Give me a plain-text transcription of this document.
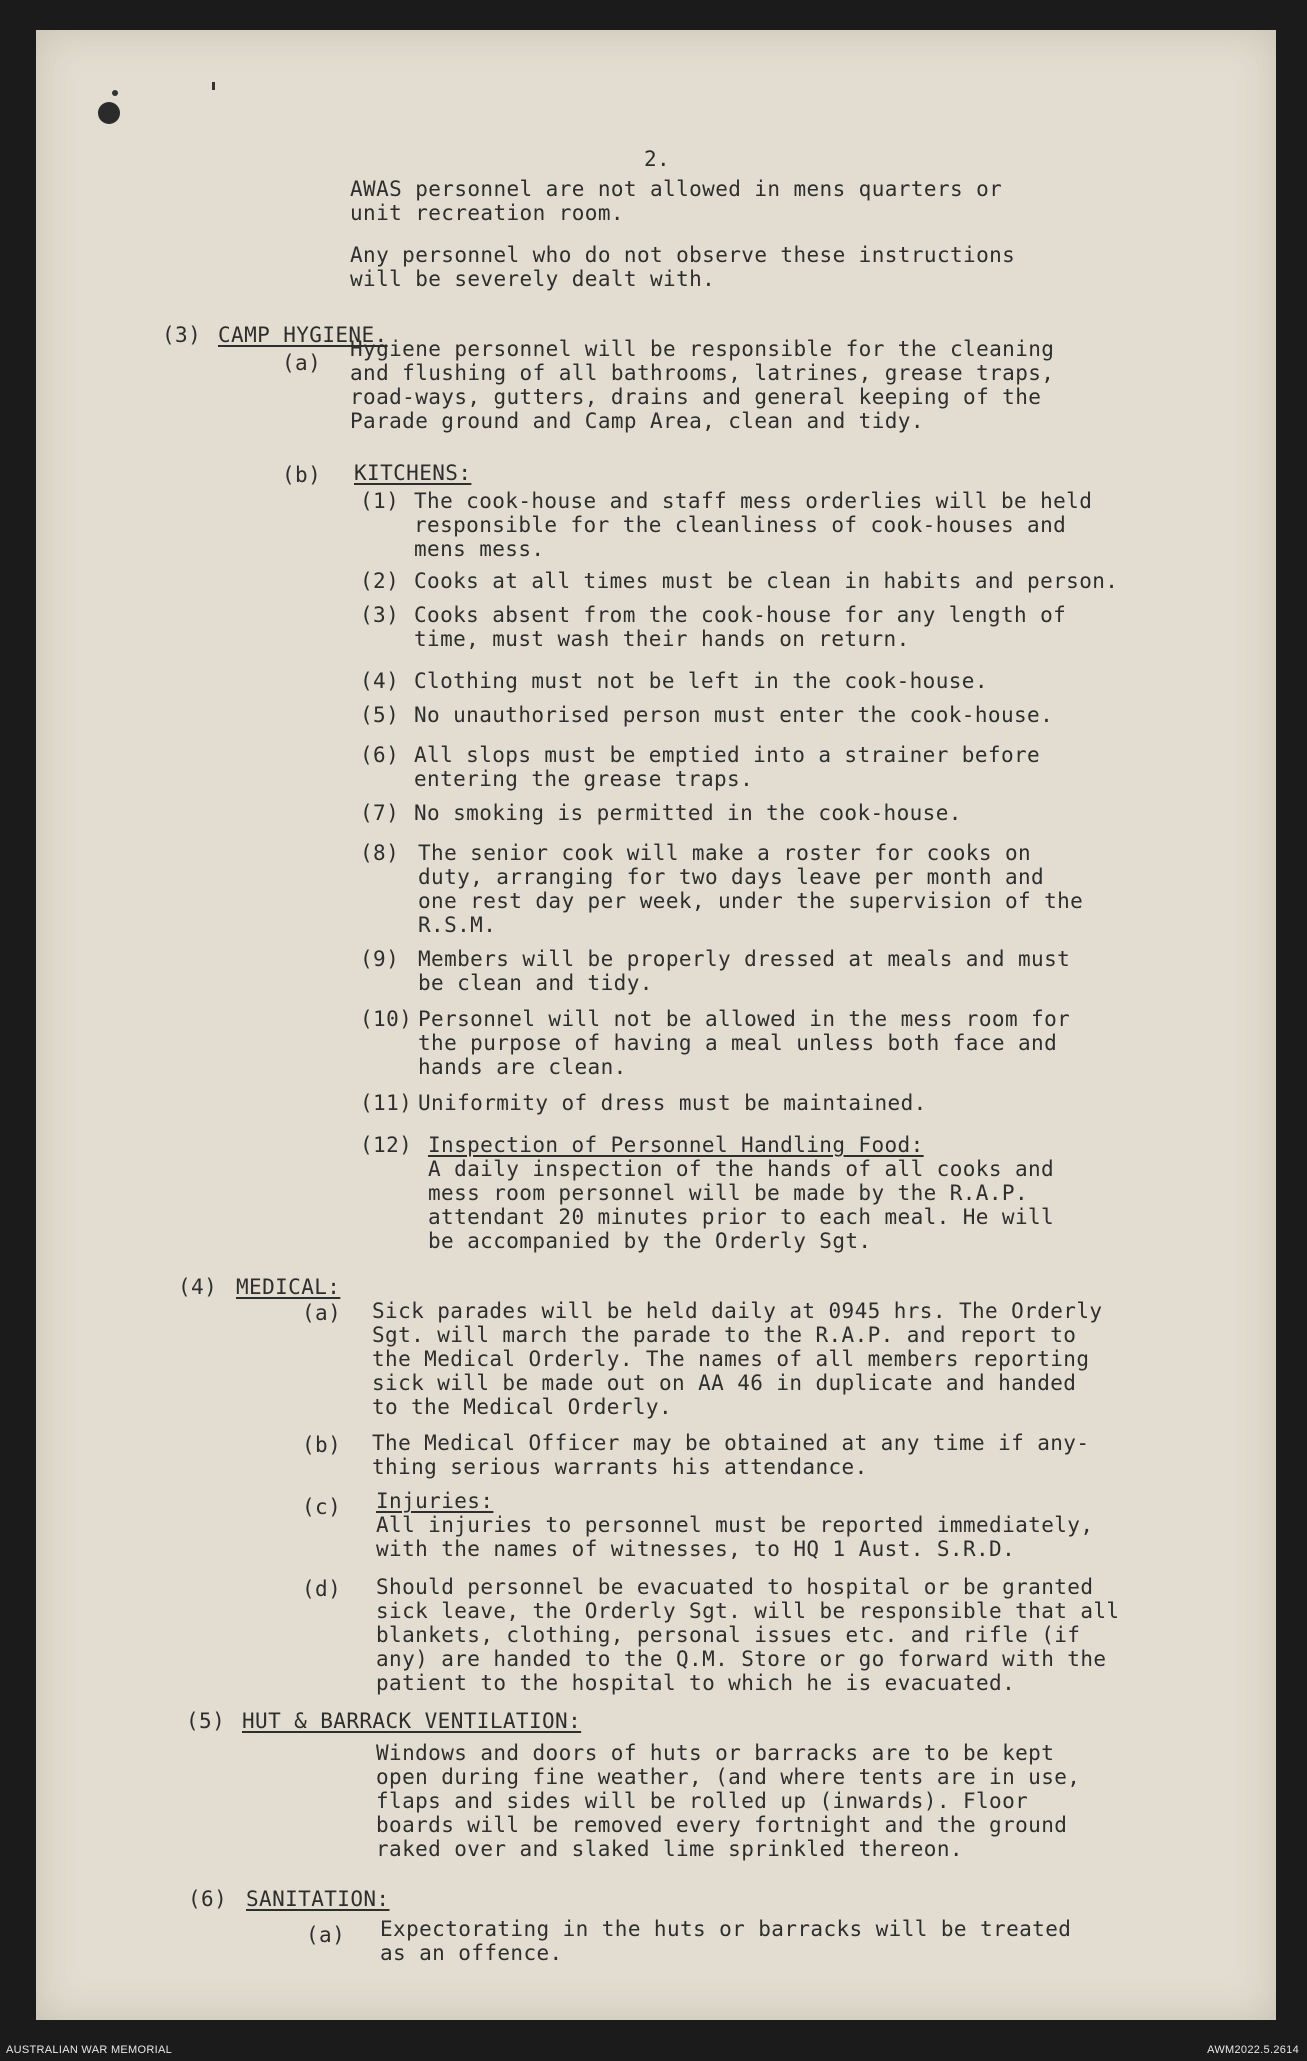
2.
AWAS personnel are not allowed in mens quarters or
unit recreation room.
Any personnel who do not observe these instructions
will be severely dealt with.
(3) CAMP HYGIENE.
(a)
Hygiene personnel will be responsible for the cleaning
and flushing of all bathrooms, latrines, grease traps,
road-ways, gutters, drains and general keeping of the
Parade ground and Camp Area, clean and tidy.
(b) KITCHENS:
(1) The cook-house and staff mess orderlies will be held
responsible for the cleanliness of cook-houses and
mens mess.
(2) Cooks at all times must be clean in habits and person.
(3) Cooks absent from the cook-house for any length of
time, must wash their hands on return.
(4) Clothing must not be left in the cook-house.
(5) No unauthorised person must enter the cook-house.
(6) All slops must be emptied into a strainer before
entering the grease traps.
(7) No smoking is permitted in the cook-house.
(8) The senior cook will make a roster for cooks on
duty, arranging for two days leave per month and
one rest day per week, under the supervision of the
R.S.M.
(9) Members will be properly dressed at meals and must
be clean and tidy.
(10) Personnel will not be allowed in the mess room for
the purpose of having a meal unless both face and
hands are clean.
(11) Uniformity of dress must be maintained.
(12) Inspection of Personnel Handling Food:
A daily inspection of the hands of all cooks and
mess room personnel will be made by the R.A.P.
attendant 20 minutes prior to each meal. He will
be accompanied by the Orderly Sgt.
(4) MEDICAL:
(a) Sick parades will be held daily at 0945 hrs. The Orderly
Sgt. will march the parade to the R.A.P. and report to
the Medical Orderly. The names of all members reporting
sick will be made out on AA 46 in duplicate and handed
to the Medical Orderly.
(b) The Medical Officer may be obtained at any time if any-
thing serious warrants his attendance.
(c) Injuries:
All injuries to personnel must be reported immediately,
with the names of witnesses, to HQ 1 Aust. S.R.D.
(d) Should personnel be evacuated to hospital or be granted
sick leave, the Orderly Sgt. will be responsible that all
blankets, clothing, personal issues etc. and rifle (if
any) are handed to the Q.M. Store or go forward with the
patient to the hospital to which he is evacuated.
(5) HUT & BARRACK VENTILATION:
Windows and doors of huts or barracks are to be kept
open during fine weather, (and where tents are in use,
flaps and sides will be rolled up (inwards). Floor
boards will be removed every fortnight and the ground
raked over and slaked lime sprinkled thereon.
(6) SANITATION:
(a) Expectorating in the huts or barracks will be treated
as an offence.
AUSTRALIAN WAR MEMORIAL	AWM2022.5.2614
